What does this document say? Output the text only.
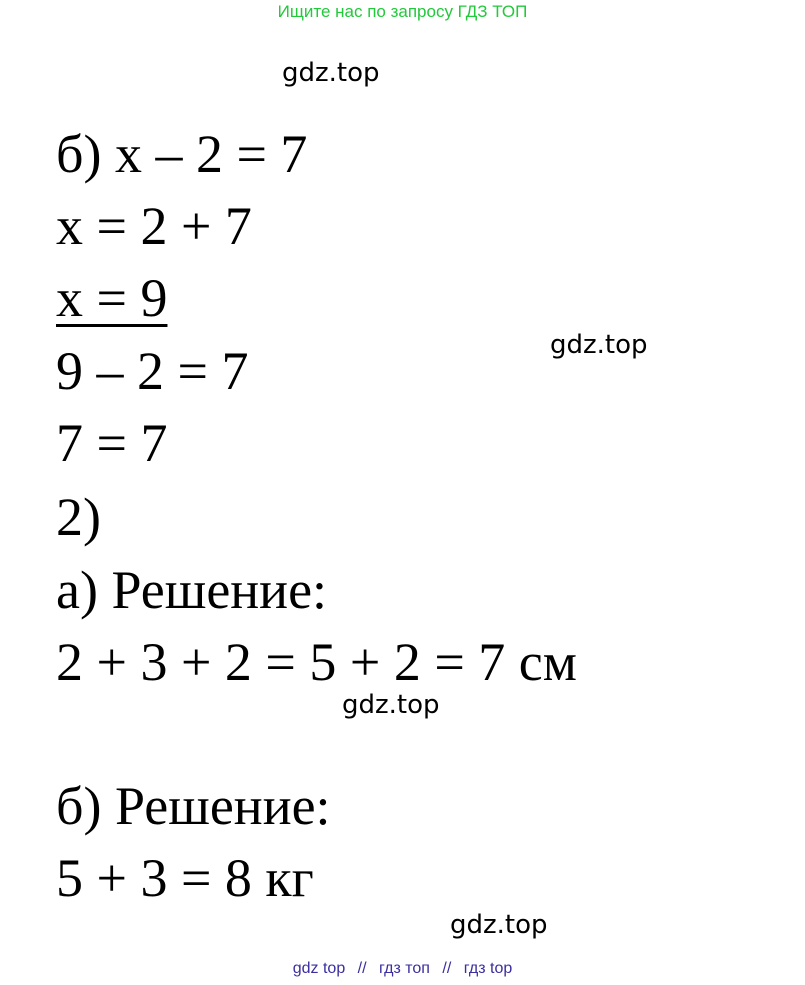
Ищите нас по запросу ГДЗ ТОП
gdz.top
gdz.top
gdz.top
gdz.top
б) x – 2 = 7
x = 2 + 7
x = 9
9 – 2 = 7
7 = 7
2)
а) Решение:
2 + 3 + 2 = 5 + 2 = 7 см
б) Решение:
5 + 3 = 8 кг
gdz top // гдз топ // гдз top
